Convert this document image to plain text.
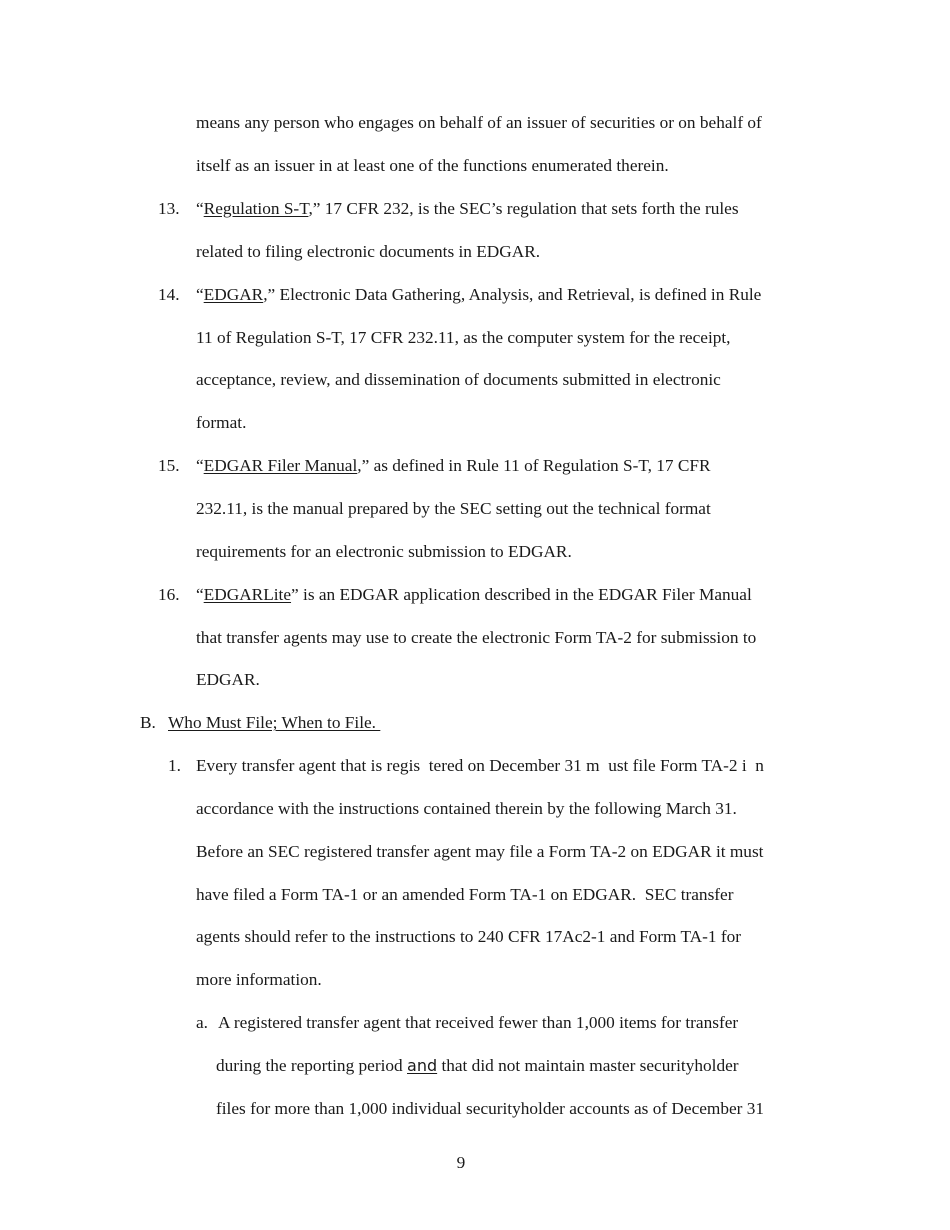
means any person who engages on behalf of an issuer of securities or on behalf of
itself as an issuer in at least one of the functions enumerated therein.
13. “Regulation S-T,” 17 CFR 232, is the SEC’s regulation that sets forth the rules
related to filing electronic documents in EDGAR.
14. “EDGAR,” Electronic Data Gathering, Analysis, and Retrieval, is defined in Rule
11 of Regulation S-T, 17 CFR 232.11, as the computer system for the receipt,
acceptance, review, and dissemination of documents submitted in electronic
format.
15. “EDGAR Filer Manual,” as defined in Rule 11 of Regulation S-T, 17 CFR
232.11, is the manual prepared by the SEC setting out the technical format
requirements for an electronic submission to EDGAR.
16. “EDGARLite” is an EDGAR application described in the EDGAR Filer Manual
that transfer agents may use to create the electronic Form TA-2 for submission to
EDGAR.
B. Who Must File; When to File.
1. Every transfer agent that is regis  tered on December 31 m  ust file Form TA-2 i  n
accordance with the instructions contained therein by the following March 31.
Before an SEC registered transfer agent may file a Form TA-2 on EDGAR it must
have filed a Form TA-1 or an amended Form TA-1 on EDGAR.  SEC transfer
agents should refer to the instructions to 240 CFR 17Ac2-1 and Form TA-1 for
more information.
a. A registered transfer agent that received fewer than 1,000 items for transfer
during the reporting period and that did not maintain master securityholder
files for more than 1,000 individual securityholder accounts as of December 31
9
